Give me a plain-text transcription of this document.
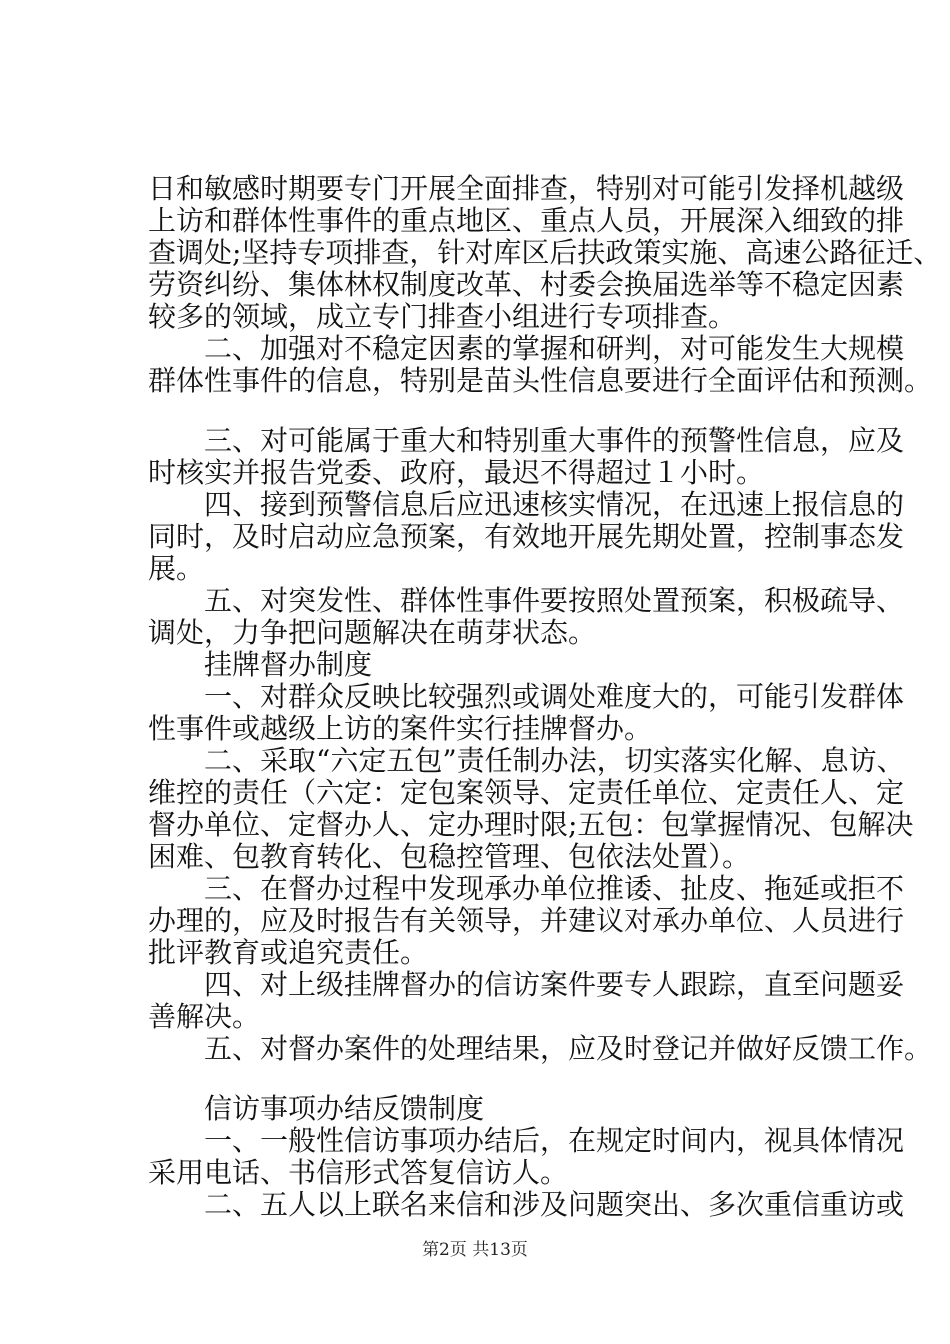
日和敏感时期要专门开展全面排查，特别对可能引发择机越级
上访和群体性事件的重点地区、重点人员，开展深入细致的排
查调处;坚持专项排查，针对库区后扶政策实施、高速公路征迁、
劳资纠纷、集体林权制度改革、村委会换届选举等不稳定因素
较多的领域，成立专门排查小组进行专项排查。
　　二、加强对不稳定因素的掌握和研判，对可能发生大规模
群体性事件的信息，特别是苗头性信息要进行全面评估和预测。
　　三、对可能属于重大和特别重大事件的预警性信息，应及
时核实并报告党委、政府，最迟不得超过１小时。
　　四、接到预警信息后应迅速核实情况，在迅速上报信息的
同时，及时启动应急预案，有效地开展先期处置，控制事态发
展。
　　五、对突发性、群体性事件要按照处置预案，积极疏导、
调处，力争把问题解决在萌芽状态。
　　挂牌督办制度
　　一、对群众反映比较强烈或调处难度大的，可能引发群体
性事件或越级上访的案件实行挂牌督办。
　　二、采取“六定五包”责任制办法，切实落实化解、息访、
维控的责任（六定：定包案领导、定责任单位、定责任人、定
督办单位、定督办人、定办理时限;五包：包掌握情况、包解决
困难、包教育转化、包稳控管理、包依法处置）。
　　三、在督办过程中发现承办单位推诿、扯皮、拖延或拒不
办理的，应及时报告有关领导，并建议对承办单位、人员进行
批评教育或追究责任。
　　四、对上级挂牌督办的信访案件要专人跟踪，直至问题妥
善解决。
　　五、对督办案件的处理结果，应及时登记并做好反馈工作。
　　信访事项办结反馈制度
　　一、一般性信访事项办结后，在规定时间内，视具体情况
采用电话、书信形式答复信访人。
　　二、五人以上联名来信和涉及问题突出、多次重信重访或
第2页 共13页
